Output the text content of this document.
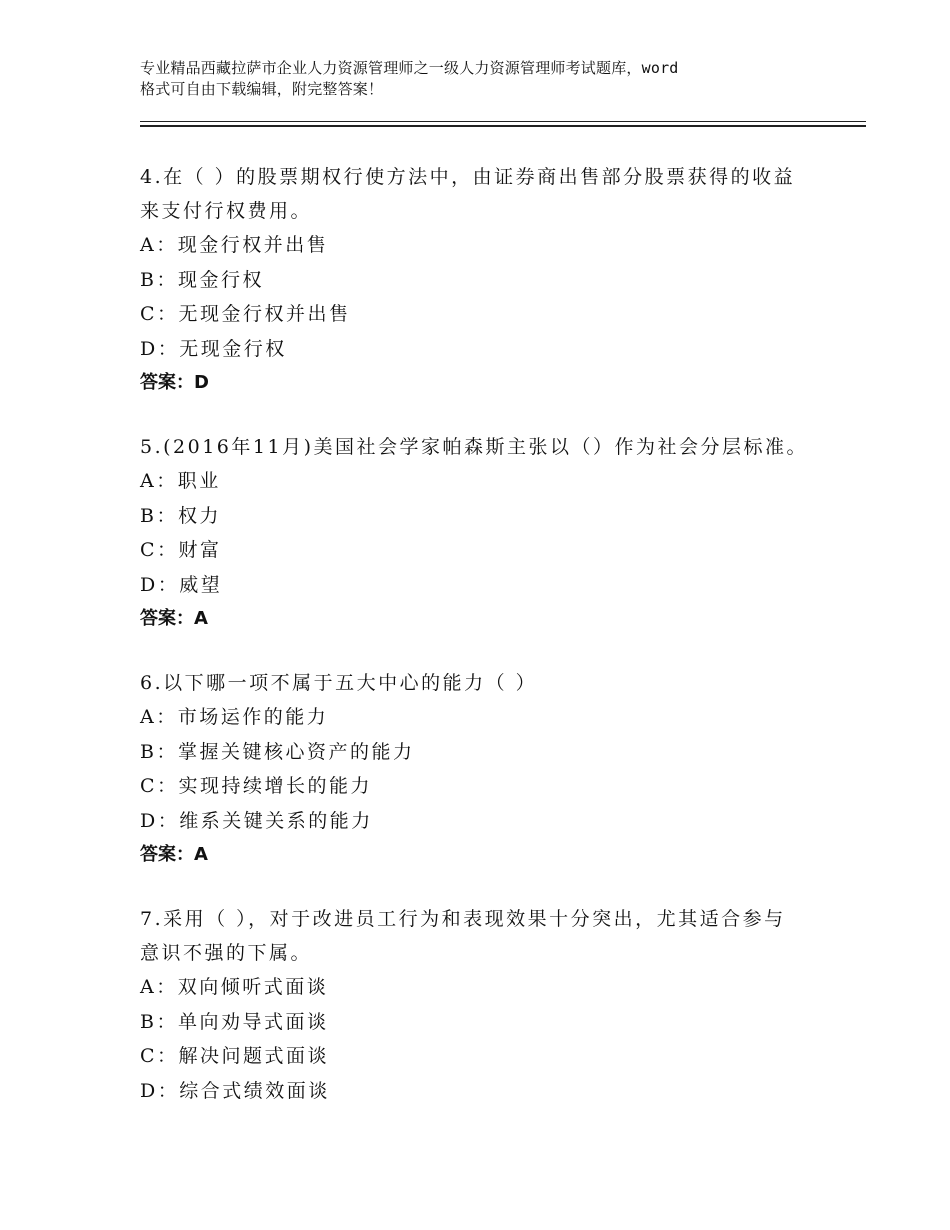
专业精品西藏拉萨市企业人力资源管理师之一级人力资源管理师考试题库，word
格式可自由下载编辑，附完整答案！

4.在（ ）的股票期权行使方法中，由证券商出售部分股票获得的收益
来支付行权费用。

A：现金行权并出售

B：现金行权

C：无现金行权并出售

D：无现金行权

答案：D

5.(2016年11月)美国社会学家帕森斯主张以（）作为社会分层标准。

A：职业

B：权力

C：财富

D：威望

答案：A

6.以下哪一项不属于五大中心的能力（ ）

A：市场运作的能力

B：掌握关键核心资产的能力

C：实现持续增长的能力

D：维系关键关系的能力

答案：A

7.采用（ ），对于改进员工行为和表现效果十分突出，尤其适合参与
意识不强的下属。

A：双向倾听式面谈

B：单向劝导式面谈

C：解决问题式面谈

D：综合式绩效面谈
